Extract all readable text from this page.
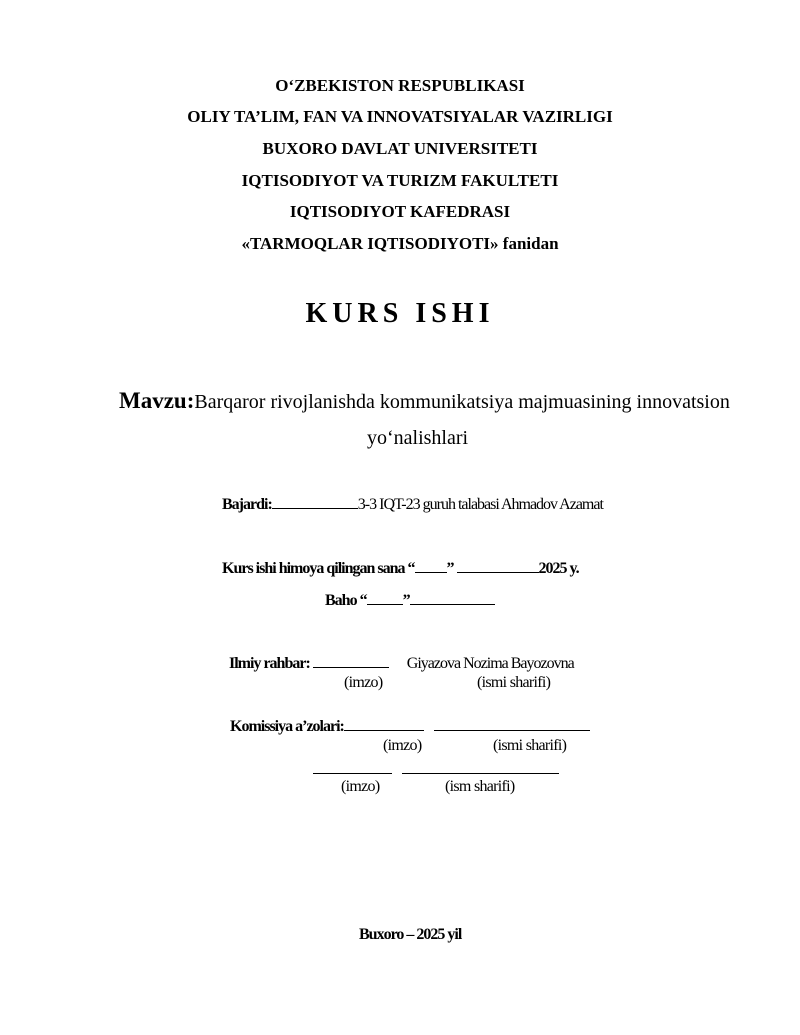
O‘ZBEKISTON RESPUBLIKASI
OLIY TA’LIM, FAN VA INNOVATSIYALAR VAZIRLIGI
BUXORO DAVLAT UNIVERSITETI
IQTISODIYOT VA TURIZM FAKULTETI
IQTISODIYOT KAFEDRASI
«TARMOQLAR IQTISODIYOTI» fanidan
KURS ISHI
Mavzu:Barqaror rivojlanishda kommunikatsiya majmuasining innovatsion
yo‘nalishlari
Bajardi:	3-3 IQT-23 guruh talabasi Ahmadov Azamat
Kurs ishi himoya qilingan sana “ ”	2025 y.
Baho “ ”
Ilmiy rahbar:	Giyazova Nozima Bayozovna
(imzo)	(ismi sharifi)
Komissiya a’zolari:
(imzo)	(ismi sharifi)
(imzo)	(ism sharifi)
Buxoro – 2025 yil
